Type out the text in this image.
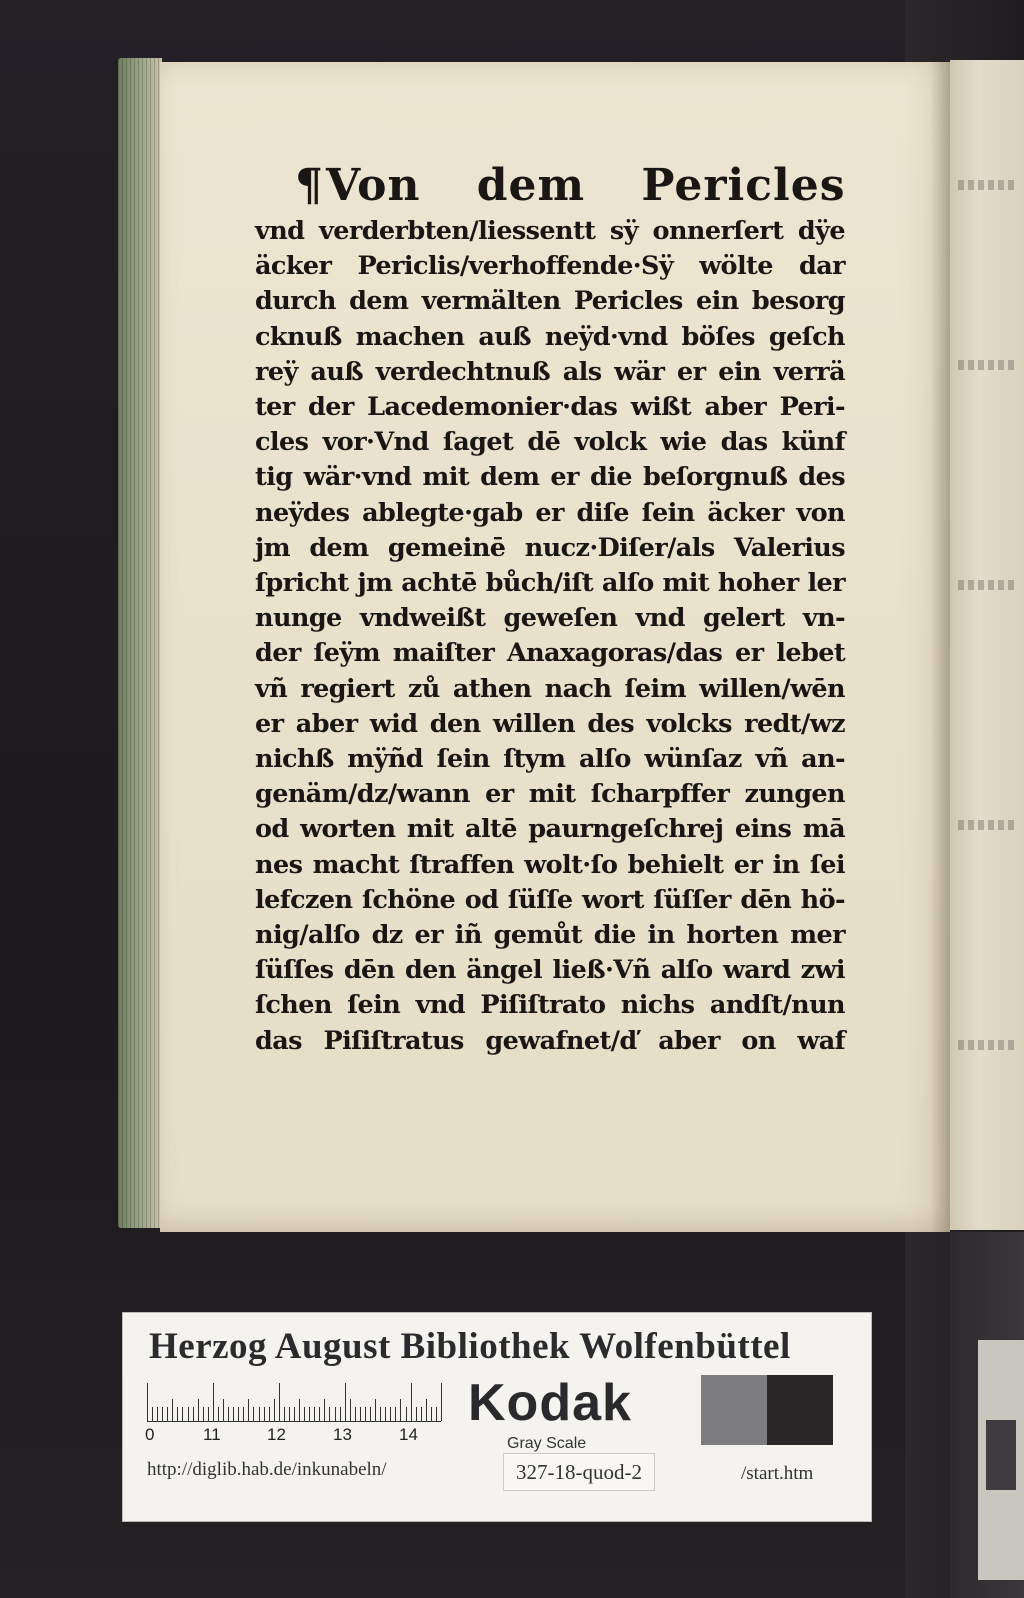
¶Von dem Pericles
vnd verderbten/liessentt sÿ onnerſert dÿe
äcker Periclis/verhoffende·Sÿ wölte dar
durch dem vermälten Pericles ein besorg
cknuß machen auß neÿd·vnd böſes geſch
reÿ auß verdechtnuß als wär er ein verrä
ter der Lacedemonier·das wißt aber Peri-
cles vor·Vnd ſaget dē volck wie das künf
tig wär·vnd mit dem er die beſorgnuß des
neÿdes ablegte·gab er diſe ſein äcker von
jm dem gemeinē nucz·Diſer/als Valerius
ſpricht jm achtē bůch/iſt alſo mit hoher ler
nunge vndweißt geweſen vnd gelert vn-
der ſeÿm maiſter Anaxagoras/das er lebet
vñ regiert zů athen nach ſeim willen/wēn
er aber wid den willen des volcks redt/wz
nichß mÿñd ſein ſtym alſo wünſaz vñ an-
genäm/dz/wann er mit ſcharpffer zungen
od worten mit altē paurngeſchrej eins mā
nes macht ſtraffen wolt·ſo behielt er in ſei
lefczen ſchöne od ſüſſe wort ſüſſer dēn hö-
nig/alſo dz er iñ gemůt die in horten mer
ſüſſes dēn den ängel ließ·Vñ alſo ward zwi
ſchen ſein vnd Piſiſtrato nichs andſt/nun
das Piſiſtratus gewafnet/ď aber on waf
Herzog August Bibliothek Wolfenbüttel
0	11	12	13	14
Kodak
Gray Scale
http://diglib.hab.de/inkunabeln/	327-18-quod-2	/start.htm
